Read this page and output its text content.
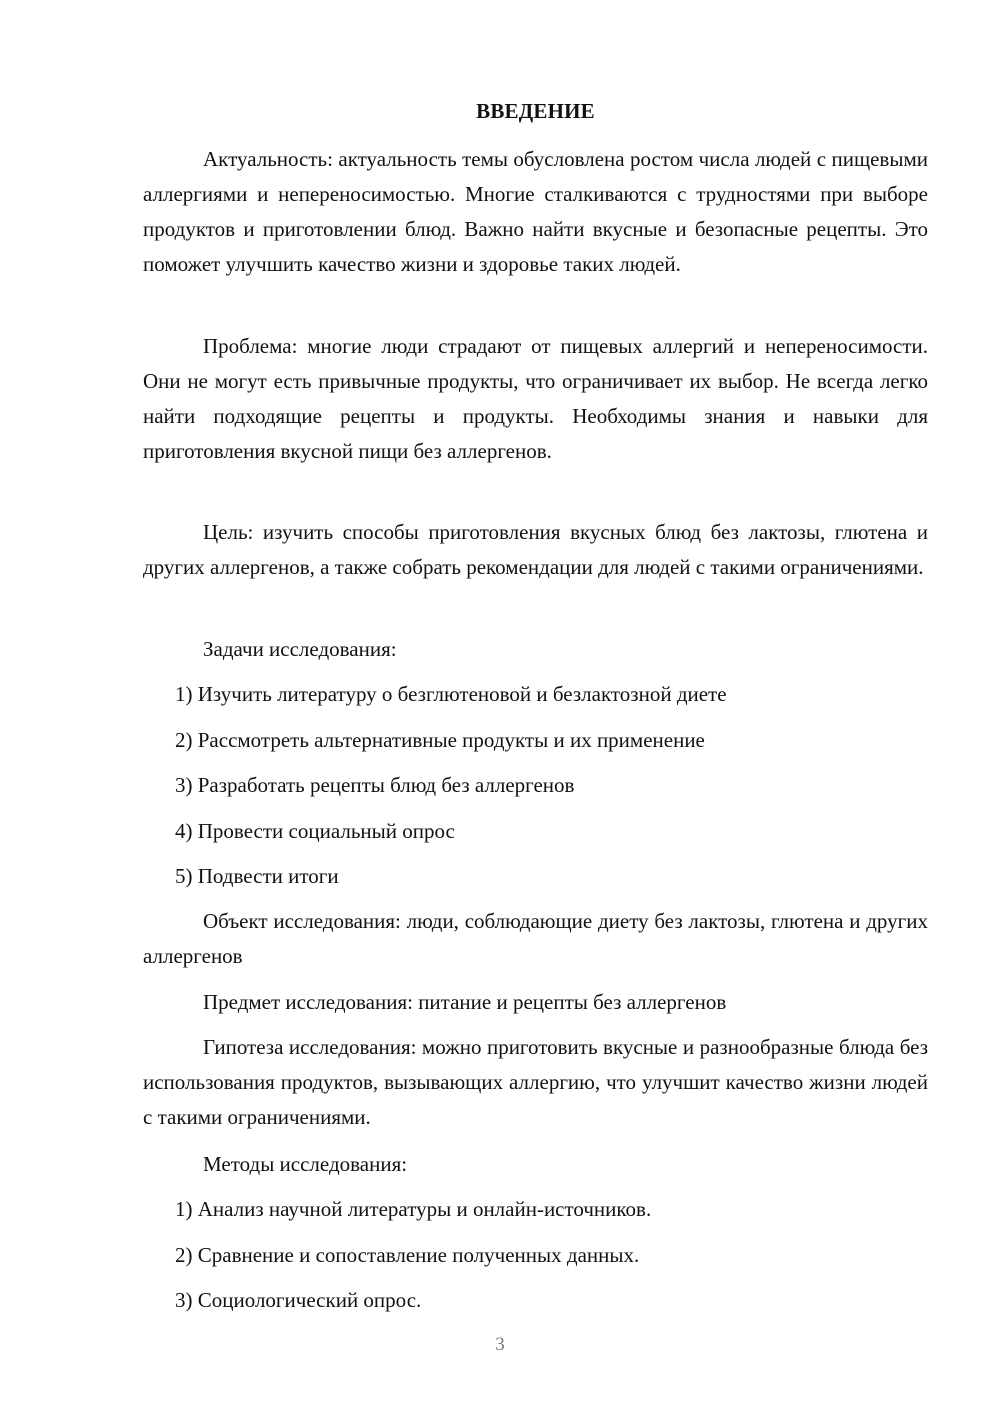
ВВЕДЕНИЕ

Актуальность: актуальность темы обусловлена ростом числа людей с пищевыми аллергиями и непереносимостью. Многие сталкиваются с трудностями при выборе продуктов и приготовлении блюд. Важно найти вкусные и безопасные рецепты. Это поможет улучшить качество жизни и здоровье таких людей.

Проблема: многие люди страдают от пищевых аллергий и непереносимости. Они не могут есть привычные продукты, что ограничивает их выбор. Не всегда легко найти подходящие рецепты и продукты. Необходимы знания и навыки для приготовления вкусной пищи без аллергенов.

Цель: изучить способы приготовления вкусных блюд без лактозы, глютена и других аллергенов, а также собрать рекомендации для людей с такими ограничениями.

Задачи исследования:
1) Изучить литературу о безглютеновой и безлактозной диете
2) Рассмотреть альтернативные продукты и их применение
3) Разработать рецепты блюд без аллергенов
4) Провести социальный опрос
5) Подвести итоги

Объект исследования: люди, соблюдающие диету без лактозы, глютена и других аллергенов

Предмет исследования: питание и рецепты без аллергенов

Гипотеза исследования: можно приготовить вкусные и разнообразные блюда без использования продуктов, вызывающих аллергию, что улучшит качество жизни людей с такими ограничениями.

Методы исследования:
1) Анализ научной литературы и онлайн-источников.
2) Сравнение и сопоставление полученных данных.
3) Социологический опрос.
3
